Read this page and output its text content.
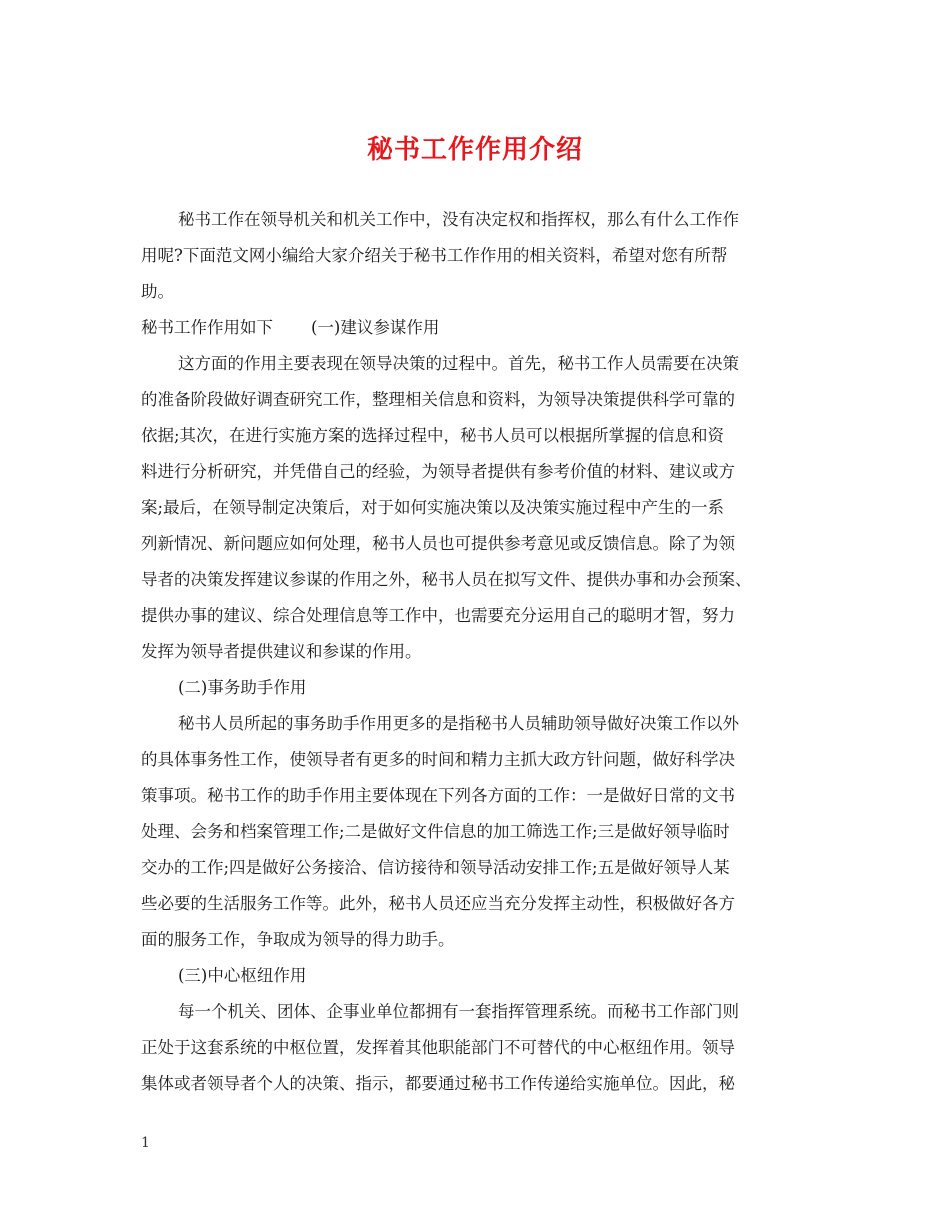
秘书工作作用介绍
秘书工作在领导机关和机关工作中，没有决定权和指挥权，那么有什么工作作
用呢?下面范文网小编给大家介绍关于秘书工作作用的相关资料，希望对您有所帮
助。
秘书工作作用如下 (一)建议参谋作用
这方面的作用主要表现在领导决策的过程中。首先，秘书工作人员需要在决策
的准备阶段做好调查研究工作，整理相关信息和资料，为领导决策提供科学可靠的
依据;其次，在进行实施方案的选择过程中，秘书人员可以根据所掌握的信息和资
料进行分析研究，并凭借自己的经验，为领导者提供有参考价值的材料、建议或方
案;最后，在领导制定决策后，对于如何实施决策以及决策实施过程中产生的一系
列新情况、新问题应如何处理，秘书人员也可提供参考意见或反馈信息。除了为领
导者的决策发挥建议参谋的作用之外，秘书人员在拟写文件、提供办事和办会预案、
提供办事的建议、综合处理信息等工作中，也需要充分运用自己的聪明才智，努力
发挥为领导者提供建议和参谋的作用。
(二)事务助手作用
秘书人员所起的事务助手作用更多的是指秘书人员辅助领导做好决策工作以外
的具体事务性工作，使领导者有更多的时间和精力主抓大政方针问题，做好科学决
策事项。秘书工作的助手作用主要体现在下列各方面的工作：一是做好日常的文书
处理、会务和档案管理工作;二是做好文件信息的加工筛选工作;三是做好领导临时
交办的工作;四是做好公务接洽、信访接待和领导活动安排工作;五是做好领导人某
些必要的生活服务工作等。此外，秘书人员还应当充分发挥主动性，积极做好各方
面的服务工作，争取成为领导的得力助手。
(三)中心枢纽作用
每一个机关、团体、企事业单位都拥有一套指挥管理系统。而秘书工作部门则
正处于这套系统的中枢位置，发挥着其他职能部门不可替代的中心枢纽作用。领导
集体或者领导者个人的决策、指示，都要通过秘书工作传递给实施单位。因此，秘
1
